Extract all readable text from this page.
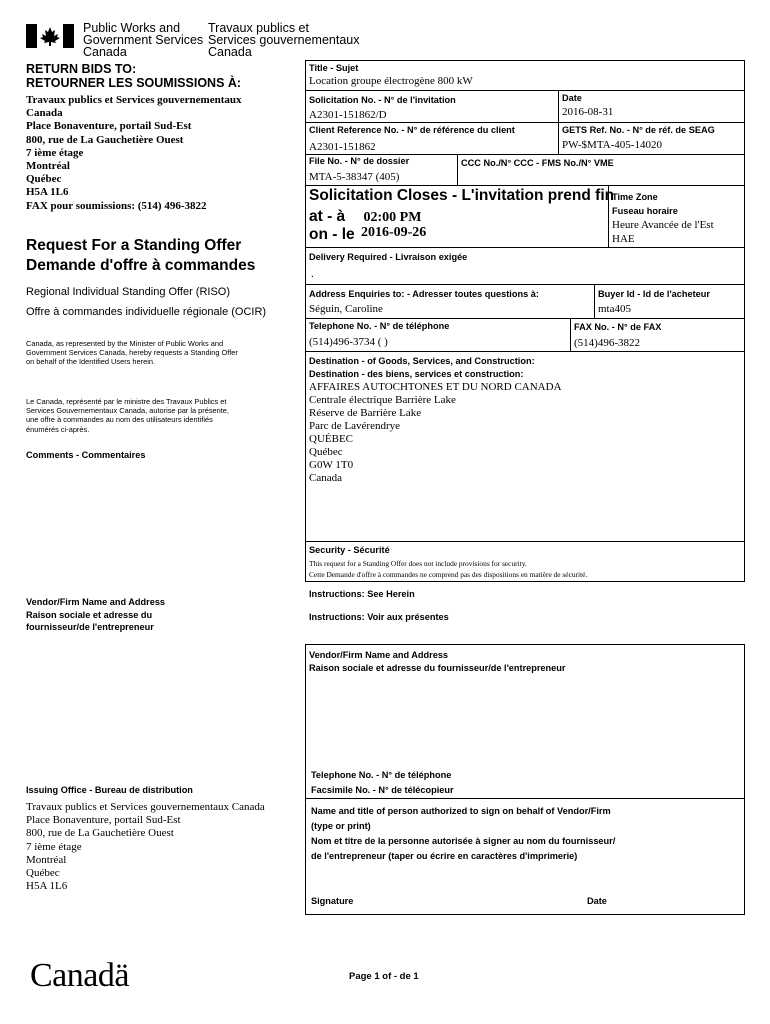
Public Works and
Government Services
Canada
Travaux publics et
Services gouvernementaux
Canada
RETURN BIDS TO:
RETOURNER LES SOUMISSIONS À:
Travaux publics et Services gouvernementaux
Canada
Place Bonaventure, portail Sud-Est
800, rue de La Gauchetière Ouest
7 ième étage
Montréal
Québec
H5A 1L6
FAX pour soumissions: (514) 496-3822
Request For a Standing Offer
Demande d'offre à commandes
Regional Individual Standing Offer (RISO)
Offre à commandes individuelle régionale (OCIR)
Canada, as represented by the Minister of Public Works and
Government Services Canada, hereby requests a Standing Offer
on behalf of the Identified Users herein.
Le Canada, représenté par le ministre des Travaux Publics et
Services Gouvernementaux Canada, autorise par la présente,
une offre à commandes au nom des utilisateurs identifiés
énumérés ci-après.
Comments - Commentaires
Vendor/Firm Name and Address
Raison sociale et adresse du
fournisseur/de l'entrepreneur
Issuing Office - Bureau de distribution
Travaux publics et Services gouvernementaux Canada
Place Bonaventure, portail Sud-Est
800, rue de La Gauchetière Ouest
7 ième étage
Montréal
Québec
H5A 1L6
Title - Sujet
Location groupe électrogène 800 kW
Solicitation No. - N° de l'invitation
A2301-151862/D
Date
2016-08-31
Client Reference No. - N° de référence du client
A2301-151862
GETS Ref. No. - N° de réf. de SEAG
PW-$MTA-405-14020
File No. - N° de dossier
MTA-5-38347 (405)
CCC No./N° CCC - FMS No./N° VME
Solicitation Closes - L'invitation prend fin
at - à 02:00 PM
on - le 2016-09-26
Time Zone
Fuseau horaire
Heure Avancée de l'Est
HAE
Delivery Required - Livraison exigée
.
Address Enquiries to: - Adresser toutes questions à:
Séguin, Caroline
Buyer Id - Id de l'acheteur
mta405
Telephone No. - N° de téléphone
(514)496-3734 ( )
FAX No. - N° de FAX
(514)496-3822
Destination - of Goods, Services, and Construction:
Destination - des biens, services et construction:
AFFAIRES AUTOCHTONES ET DU NORD CANADA
Centrale électrique Barrière Lake
Réserve de Barrière Lake
Parc de Lavérendrye
QUÉBEC
Québec
G0W 1T0
Canada
Security - Sécurité
This request for a Standing Offer does not include provisions for security.
Cette Demande d'offre à commandes ne comprend pas des dispositions en matière de sécurité.
Instructions: See Herein
Instructions: Voir aux présentes
Vendor/Firm Name and Address
Raison sociale et adresse du fournisseur/de l'entrepreneur
Telephone No. - N° de téléphone
Facsimile No. - N° de télécopieur
Name and title of person authorized to sign on behalf of Vendor/Firm
(type or print)
Nom et titre de la personne autorisée à signer au nom du fournisseur/
de l'entrepreneur (taper ou écrire en caractères d'imprimerie)
Signature	Date
Canadä	Page 1 of - de 1
